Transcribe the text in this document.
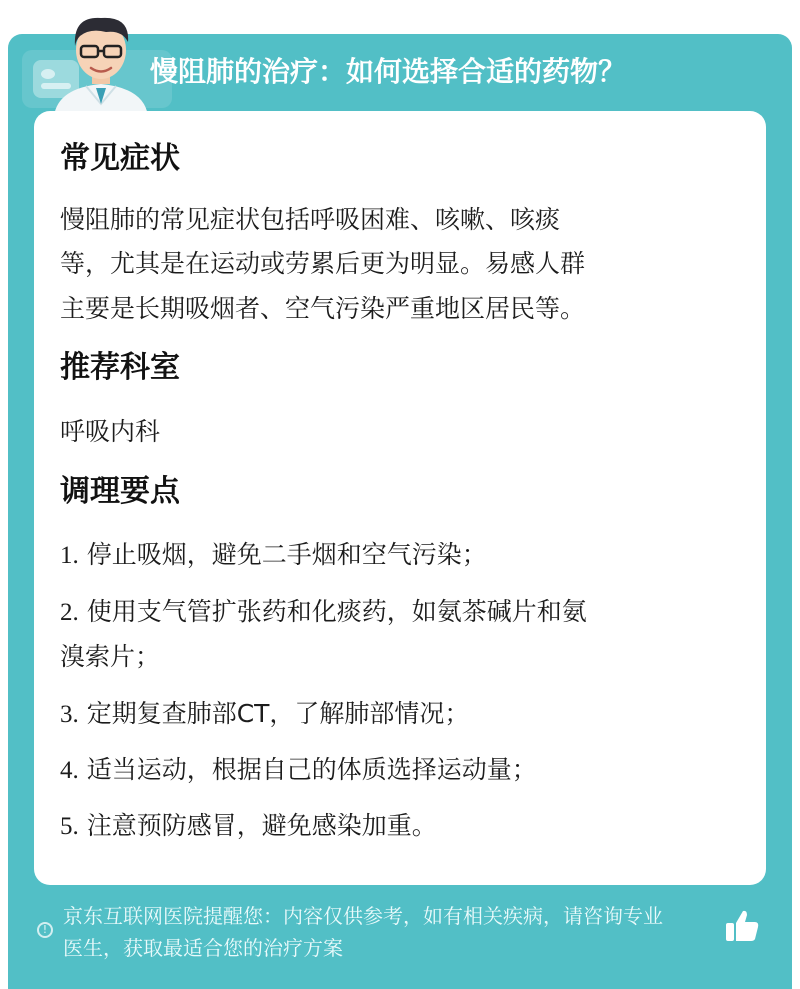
慢阻肺的治疗：如何选择合适的药物？
常见症状
慢阻肺的常见症状包括呼吸困难、咳嗽、咳痰
等，尤其是在运动或劳累后更为明显。易感人群
主要是长期吸烟者、空气污染严重地区居民等。
推荐科室
呼吸内科
调理要点
1. 停止吸烟，避免二手烟和空气污染；
2. 使用支气管扩张药和化痰药，如氨茶碱片和氨
溴索片；
3. 定期复查肺部CT，了解肺部情况；
4. 适当运动，根据自己的体质选择运动量；
5. 注意预防感冒，避免感染加重。
!
京东互联网医院提醒您：内容仅供参考，如有相关疾病，请咨询专业
医生，获取最适合您的治疗方案
